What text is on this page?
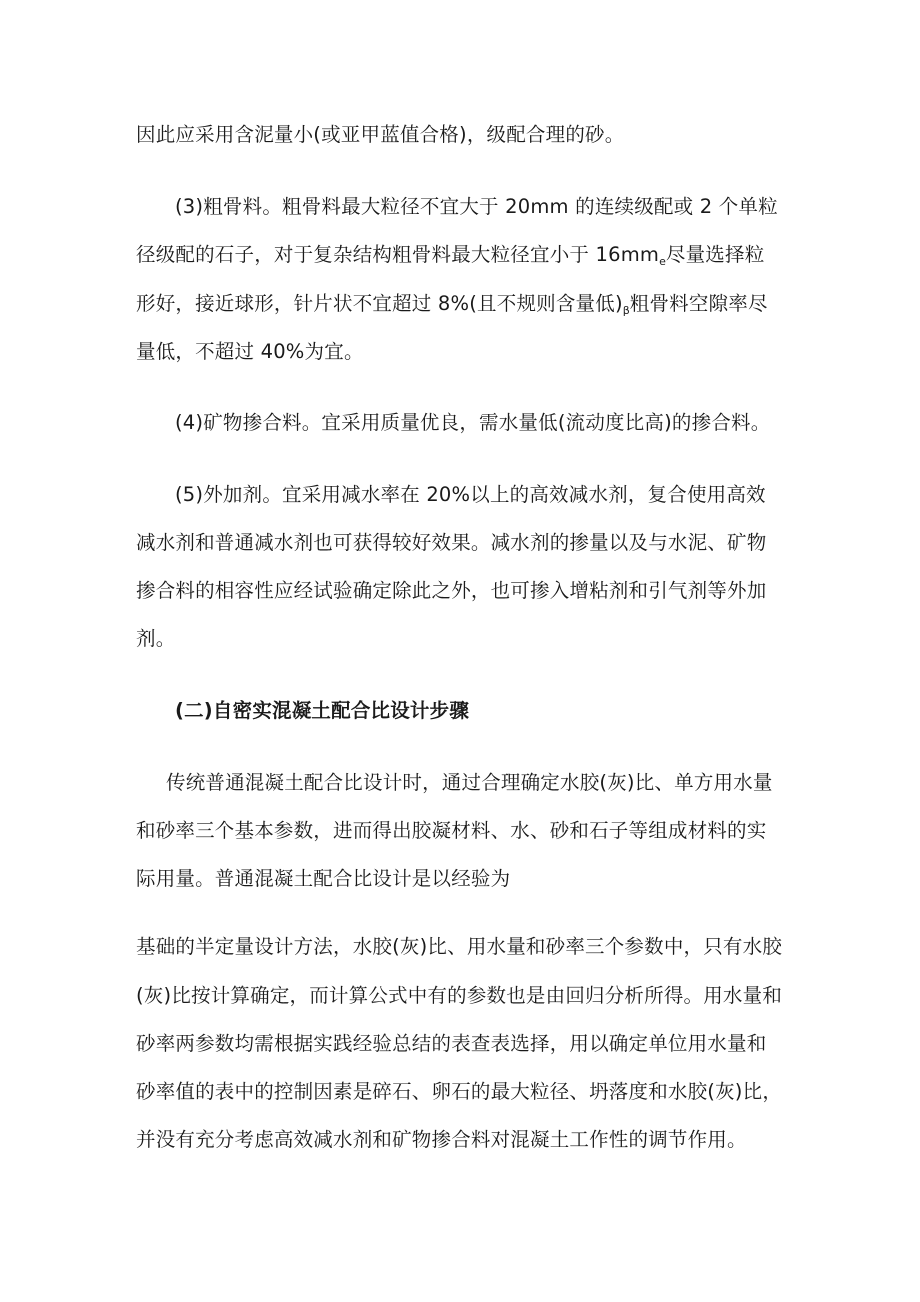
因此应采用含泥量小(或亚甲蓝值合格)，级配合理的砂。
(3)粗骨料。粗骨料最大粒径不宜大于 20mm 的连续级配或 2 个单粒
径级配的石子，对于复杂结构粗骨料最大粒径宜小于 $16mm_e$尽量选择粒
形好，接近球形，针片状不宜超过 8%(且不规则含量低)$_\beta$粗骨料空隙率尽
量低，不超过 40%为宜。
(4)矿物掺合料。宜采用质量优良，需水量低(流动度比高)的掺合料。
(5)外加剂。宜采用减水率在 20%以上的高效减水剂，复合使用高效
减水剂和普通减水剂也可获得较好效果。减水剂的掺量以及与水泥、矿物
掺合料的相容性应经试验确定除此之外，也可掺入增粘剂和引气剂等外加
剂。
(二)自密实混凝土配合比设计步骤
传统普通混凝土配合比设计时，通过合理确定水胶(灰)比、单方用水量
和砂率三个基本参数，进而得出胶凝材料、水、砂和石子等组成材料的实
际用量。普通混凝土配合比设计是以经验为
基础的半定量设计方法，水胶(灰)比、用水量和砂率三个参数中，只有水胶
(灰)比按计算确定，而计算公式中有的参数也是由回归分析所得。用水量和
砂率两参数均需根据实践经验总结的表查表选择，用以确定单位用水量和
砂率值的表中的控制因素是碎石、卵石的最大粒径、坍落度和水胶(灰)比，
并没有充分考虑高效减水剂和矿物掺合料对混凝土工作性的调节作用。
